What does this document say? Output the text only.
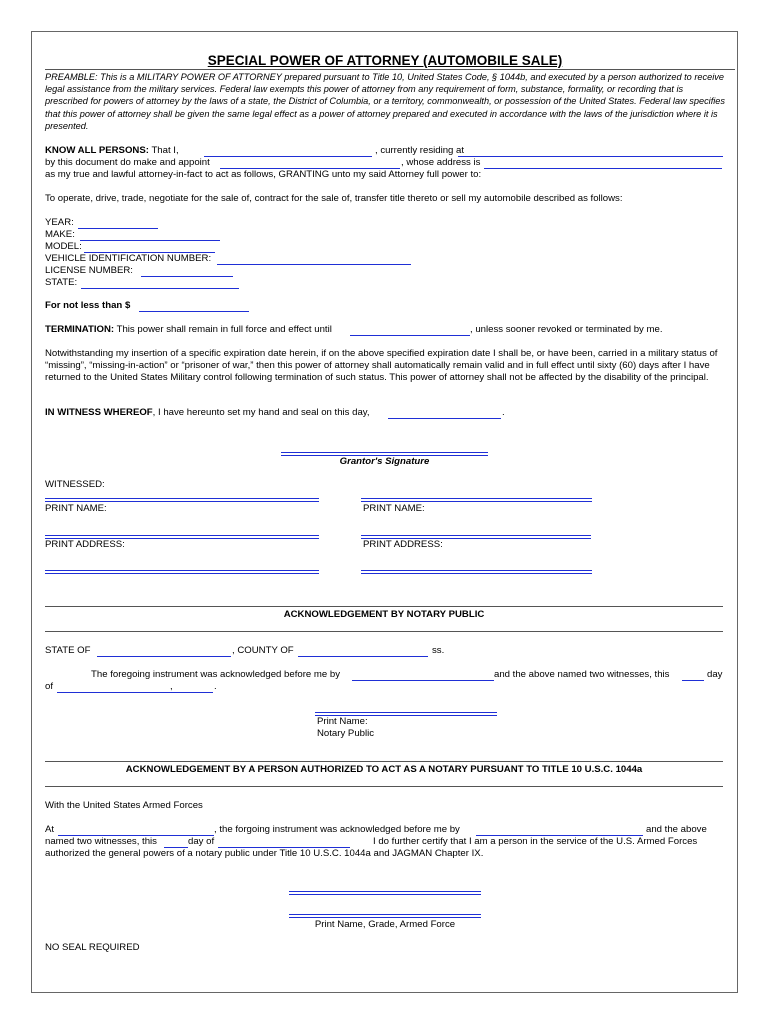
SPECIAL POWER OF ATTORNEY (AUTOMOBILE SALE)
PREAMBLE: This is a MILITARY POWER OF ATTORNEY prepared pursuant to Title 10, United States Code, § 1044b, and executed by a person authorized to receive legal assistance from the military services. Federal law exempts this power of attorney from any requirement of form, substance, formality, or recording that is prescribed for powers of attorney by the laws of a state, the District of Columbia, or a territory, commonwealth, or possession of the United States. Federal law specifies that this power of attorney shall be given the same legal effect as a power of attorney prepared and executed in accordance with the laws of the jurisdiction where it is presented.
KNOW ALL PERSONS: That I,	, currently residing at
by this document do make and appoint	, whose address is
as my true and lawful attorney-in-fact to act as follows, GRANTING unto my said Attorney full power to:
To operate, drive, trade, negotiate for the sale of, contract for the sale of, transfer title thereto or sell my automobile described as follows:
YEAR:
MAKE:
MODEL:
VEHICLE IDENTIFICATION NUMBER:
LICENSE NUMBER:
STATE:
For not less than $
TERMINATION: This power shall remain in full force and effect until	, unless sooner revoked or terminated by me.
Notwithstanding my insertion of a specific expiration date herein, if on the above specified expiration date I shall be, or have been, carried in a military status of “missing”, “missing-in-action” or “prisoner of war,” then this power of attorney shall automatically remain valid and in full effect until sixty (60) days after I have returned to the United States Military control following termination of such status. This power of attorney shall not be affected by the disability of the principal.
IN WITNESS WHEREOF, I have hereunto set my hand and seal on this day,	.
Grantor's Signature
WITNESSED:
PRINT NAME:
PRINT ADDRESS:
PRINT NAME:
PRINT ADDRESS:
ACKNOWLEDGEMENT BY NOTARY PUBLIC
STATE OF	, COUNTY OF	ss.
The foregoing instrument was acknowledged before me by	and the above named two witnesses, this	day
of	,	.
Print Name:
Notary Public
ACKNOWLEDGEMENT BY A PERSON AUTHORIZED TO ACT AS A NOTARY PURSUANT TO TITLE 10 U.S.C. 1044a
With the United States Armed Forces
At	, the forgoing instrument was acknowledged before me by	and the above
named two witnesses, this	day of	I do further certify that I am a person in the service of the U.S. Armed Forces
authorized the general powers of a notary public under Title 10 U.S.C. 1044a and JAGMAN Chapter IX.
Print Name, Grade, Armed Force
NO SEAL REQUIRED
